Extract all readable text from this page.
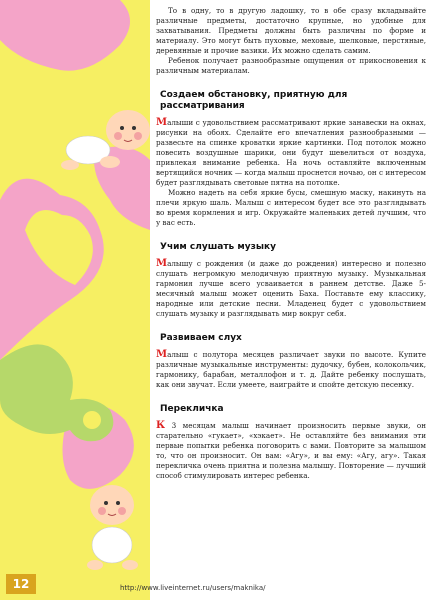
12

То в одну, то в другую ладошку, то в обе сразу вкладывайте различные предметы, достаточно крупные, но удобные для захватывания. Предметы должны быть различны по форме и материалу. Это могут быть пуховые, меховые, шелковые, перстяные, деревянные и прочие вазики. Их можно сделать самим.

Ребенок получает разнообразные ощущения от прикосновения к различным материалам.

Создаем обстановку, приятную для рассматривания

Малыши с удовольствием рассматривают яркие занавески на окнах, рисунки на обоях. Сделайте его впечатления разнообразными — развесьте на спинке кроватки яркие картинки. Под потолок можно повесить воздушные шарики, они будут шевелиться от воздуха, привлекая внимание ребенка. На ночь оставляйте включенным вертящийся ночник — когда малыш проснется ночью, он с интересом будет разглядывать световые пятна на потолке.

Можно надеть на себя яркие бусы, смешную маску, накинуть на плечи яркую шаль. Малыш с интересом будет все это разглядывать во время кормления и игр. Окружайте маленьких детей лучшим, что у вас есть.

Учим слушать музыку

Малышу с рождения (и даже до рождения) интересно и полезно слушать негромкую мелодичную приятную музыку. Музыкальная гармония лучше всего усваивается в раннем детстве. Даже 5-месячный малыш может оценить Баха. Поставьте ему классику, народные или детские песни. Младенец будет с удовольствием слушать музыку и разглядывать мир вокруг себя.

Развиваем слух

Малыш с полутора месяцев различает звуки по высоте. Купите различные музыкальные инструменты: дудочку, бубен, колокольчик, гармонику, барабан, металлофон и т. д. Дайте ребенку послушать, как они звучат. Если умеете, наиграйте и спойте детскую песенку.

Перекличка

К 3 месяцам малыш начинает произносить первые звуки, он старательно «гукает», «хэкает». Не оставляйте без внимания эти первые попытки ребенка поговорить с вами. Повторите за малышом то, что он произносит. Он вам: «Агу», и вы ему: «Агу, агу». Такая перекличка очень приятна и полезна малышу. Повторение — лучший способ стимулировать интерес ребенка.

http://www.liveinternet.ru/users/maknika/
